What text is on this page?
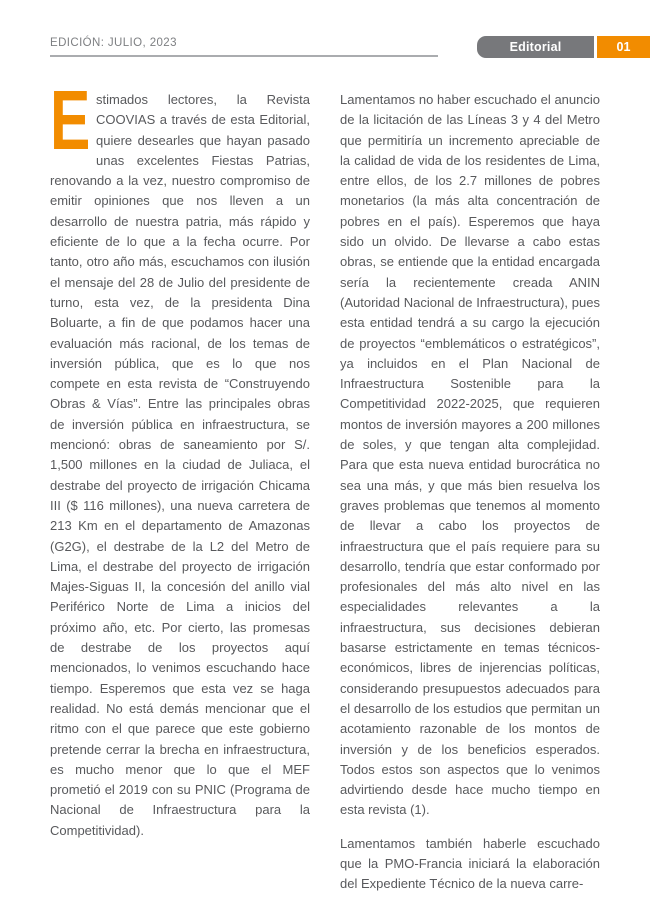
EDICIÓN: JULIO, 2023	Editorial	01

Estimados lectores, la Revista COOVIAS a través de esta Editorial, quiere desearles que hayan pasado unas excelentes Fiestas Patrias, renovando a la vez, nuestro compromiso de emitir opiniones que nos lleven a un desarrollo de nuestra patria, más rápido y eficiente de lo que a la fecha ocurre. Por tanto, otro año más, escuchamos con ilusión el mensaje del 28 de Julio del presidente de turno, esta vez, de la presidenta Dina Boluarte, a fin de que podamos hacer una evaluación más racional, de los temas de inversión pública, que es lo que nos compete en esta revista de “Construyendo Obras & Vías”. Entre las principales obras de inversión pública en infraestructura, se mencionó: obras de saneamiento por S/. 1,500 millones en la ciudad de Juliaca, el destrabe del proyecto de irrigación Chicama III ($ 116 millones), una nueva carretera de 213 Km en el departamento de Amazonas (G2G), el destrabe de la L2 del Metro de Lima, el destrabe del proyecto de irrigación Majes-Siguas II, la concesión del anillo vial Periférico Norte de Lima a inicios del próximo año, etc. Por cierto, las promesas de destrabe de los proyectos aquí mencionados, lo venimos escuchando hace tiempo. Esperemos que esta vez se haga realidad. No está demás mencionar que el ritmo con el que parece que este gobierno pretende cerrar la brecha en infraestructura, es mucho menor que lo que el MEF prometió el 2019 con su PNIC (Programa de Nacional de Infraestructura para la Competitividad).

Lamentamos no haber escuchado el anuncio de la licitación de las Líneas 3 y 4 del Metro que permitiría un incremento apreciable de la calidad de vida de los residentes de Lima, entre ellos, de los 2.7 millones de pobres monetarios (la más alta concentración de pobres en el país). Esperemos que haya sido un olvido. De llevarse a cabo estas obras, se entiende que la entidad encargada sería la recientemente creada ANIN (Autoridad Nacional de Infraestructura), pues esta entidad tendrá a su cargo la ejecución de proyectos “emblemáticos o estratégicos”, ya incluidos en el Plan Nacional de Infraestructura Sostenible para la Competitividad 2022-2025, que requieren montos de inversión mayores a 200 millones de soles, y que tengan alta complejidad. Para que esta nueva entidad burocrática no sea una más, y que más bien resuelva los graves problemas que tenemos al momento de llevar a cabo los proyectos de infraestructura que el país requiere para su desarrollo, tendría que estar conformado por profesionales del más alto nivel en las especialidades relevantes a la infraestructura, sus decisiones debieran basarse estrictamente en temas técnicos-económicos, libres de injerencias políticas, considerando presupuestos adecuados para el desarrollo de los estudios que permitan un acotamiento razonable de los montos de inversión y de los beneficios esperados. Todos estos son aspectos que lo venimos advirtiendo desde hace mucho tiempo en esta revista (1).

Lamentamos también haberle escuchado que la PMO-Francia iniciará la elaboración del Expediente Técnico de la nueva carre-
